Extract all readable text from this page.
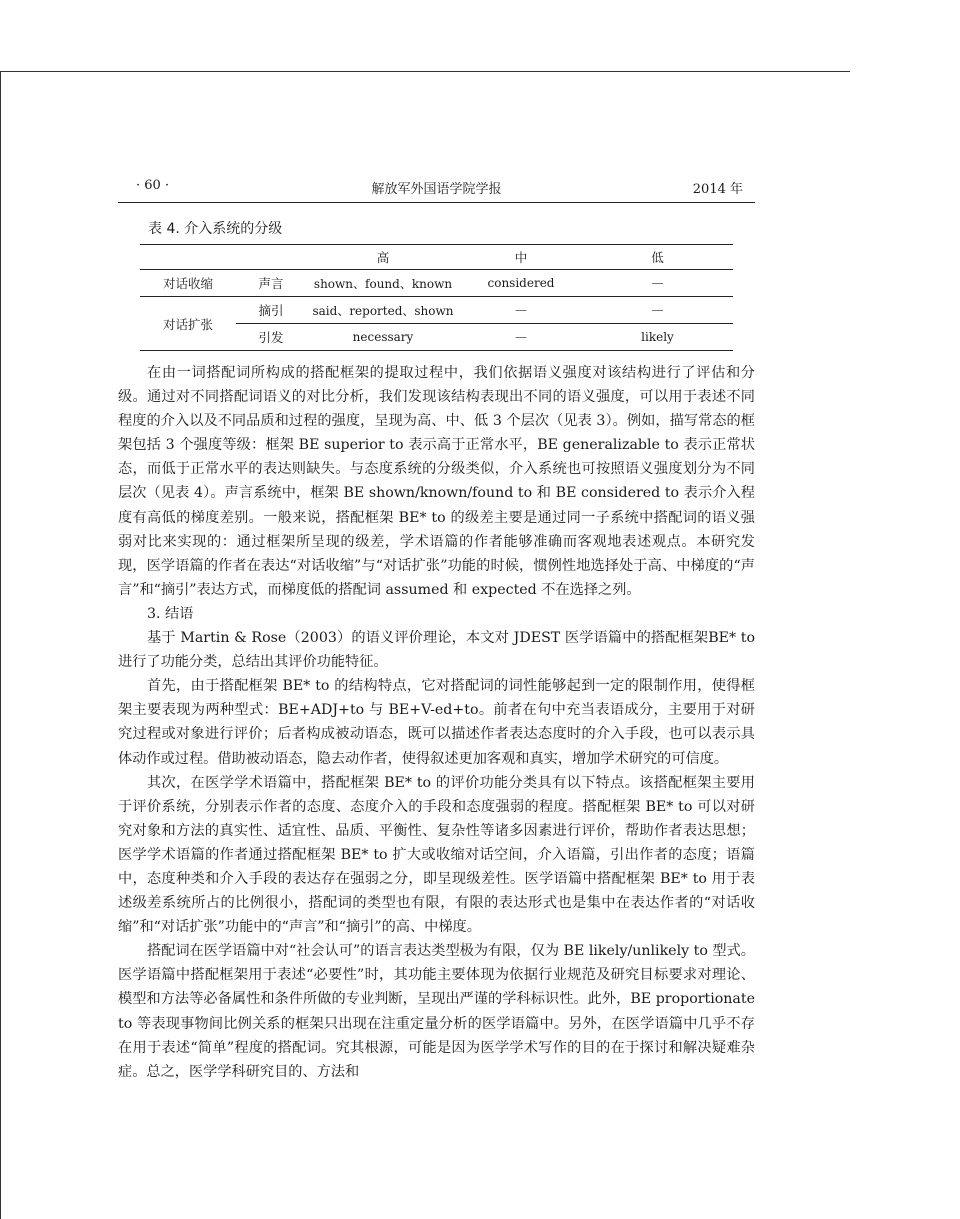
· 60 ·	解放军外国语学院学报	2014 年
表 4. 介入系统的分级
		高	中	低
对话收缩	声言	shown、found、known	considered	—
对话扩张	摘引	said、reported、shown	—	—
	引发	necessary	—	likely

在由一词搭配词所构成的搭配框架的提取过程中，我们依据语义强度对该结构进行了评估和分级。通过对不同搭配词语义的对比分析，我们发现该结构表现出不同的语义强度，可以用于表述不同程度的介入以及不同品质和过程的强度，呈现为高、中、低 3 个层次（见表 3）。例如，描写常态的框架包括 3 个强度等级：框架 BE superior to 表示高于正常水平，BE generalizable to 表示正常状态，而低于正常水平的表达则缺失。与态度系统的分级类似，介入系统也可按照语义强度划分为不同层次（见表 4）。声言系统中，框架 BE shown/known/found to 和 BE considered to 表示介入程度有高低的梯度差别。一般来说，搭配框架 BE* to 的级差主要是通过同一子系统中搭配词的语义强弱对比来实现的：通过框架所呈现的级差，学术语篇的作者能够准确而客观地表述观点。本研究发现，医学语篇的作者在表达“对话收缩”与“对话扩张”功能的时候，惯例性地选择处于高、中梯度的“声言”和“摘引”表达方式，而梯度低的搭配词 assumed 和 expected 不在选择之列。

3. 结语

基于 Martin & Rose（2003）的语义评价理论，本文对 JDEST 医学语篇中的搭配框架BE* to 进行了功能分类，总结出其评价功能特征。

首先，由于搭配框架 BE* to 的结构特点，它对搭配词的词性能够起到一定的限制作用，使得框架主要表现为两种型式：BE+ADJ+to 与 BE+V-ed+to。前者在句中充当表语成分，主要用于对研究过程或对象进行评价；后者构成被动语态，既可以描述作者表达态度时的介入手段，也可以表示具体动作或过程。借助被动语态，隐去动作者，使得叙述更加客观和真实，增加学术研究的可信度。

其次，在医学学术语篇中，搭配框架 BE* to 的评价功能分类具有以下特点。该搭配框架主要用于评价系统，分别表示作者的态度、态度介入的手段和态度强弱的程度。搭配框架 BE* to 可以对研究对象和方法的真实性、适宜性、品质、平衡性、复杂性等诸多因素进行评价，帮助作者表达思想；医学学术语篇的作者通过搭配框架 BE* to 扩大或收缩对话空间，介入语篇，引出作者的态度；语篇中，态度种类和介入手段的表达存在强弱之分，即呈现级差性。医学语篇中搭配框架 BE* to 用于表述级差系统所占的比例很小，搭配词的类型也有限，有限的表达形式也是集中在表达作者的“对话收缩”和“对话扩张”功能中的“声言”和“摘引”的高、中梯度。

搭配词在医学语篇中对“社会认可”的语言表达类型极为有限，仅为 BE likely/unlikely to 型式。医学语篇中搭配框架用于表述“必要性”时，其功能主要体现为依据行业规范及研究目标要求对理论、模型和方法等必备属性和条件所做的专业判断，呈现出严谨的学科标识性。此外，BE proportionate to 等表现事物间比例关系的框架只出现在注重定量分析的医学语篇中。另外，在医学语篇中几乎不存在用于表述“简单”程度的搭配词。究其根源，可能是因为医学学术写作的目的在于探讨和解决疑难杂症。总之，医学学科研究目的、方法和
